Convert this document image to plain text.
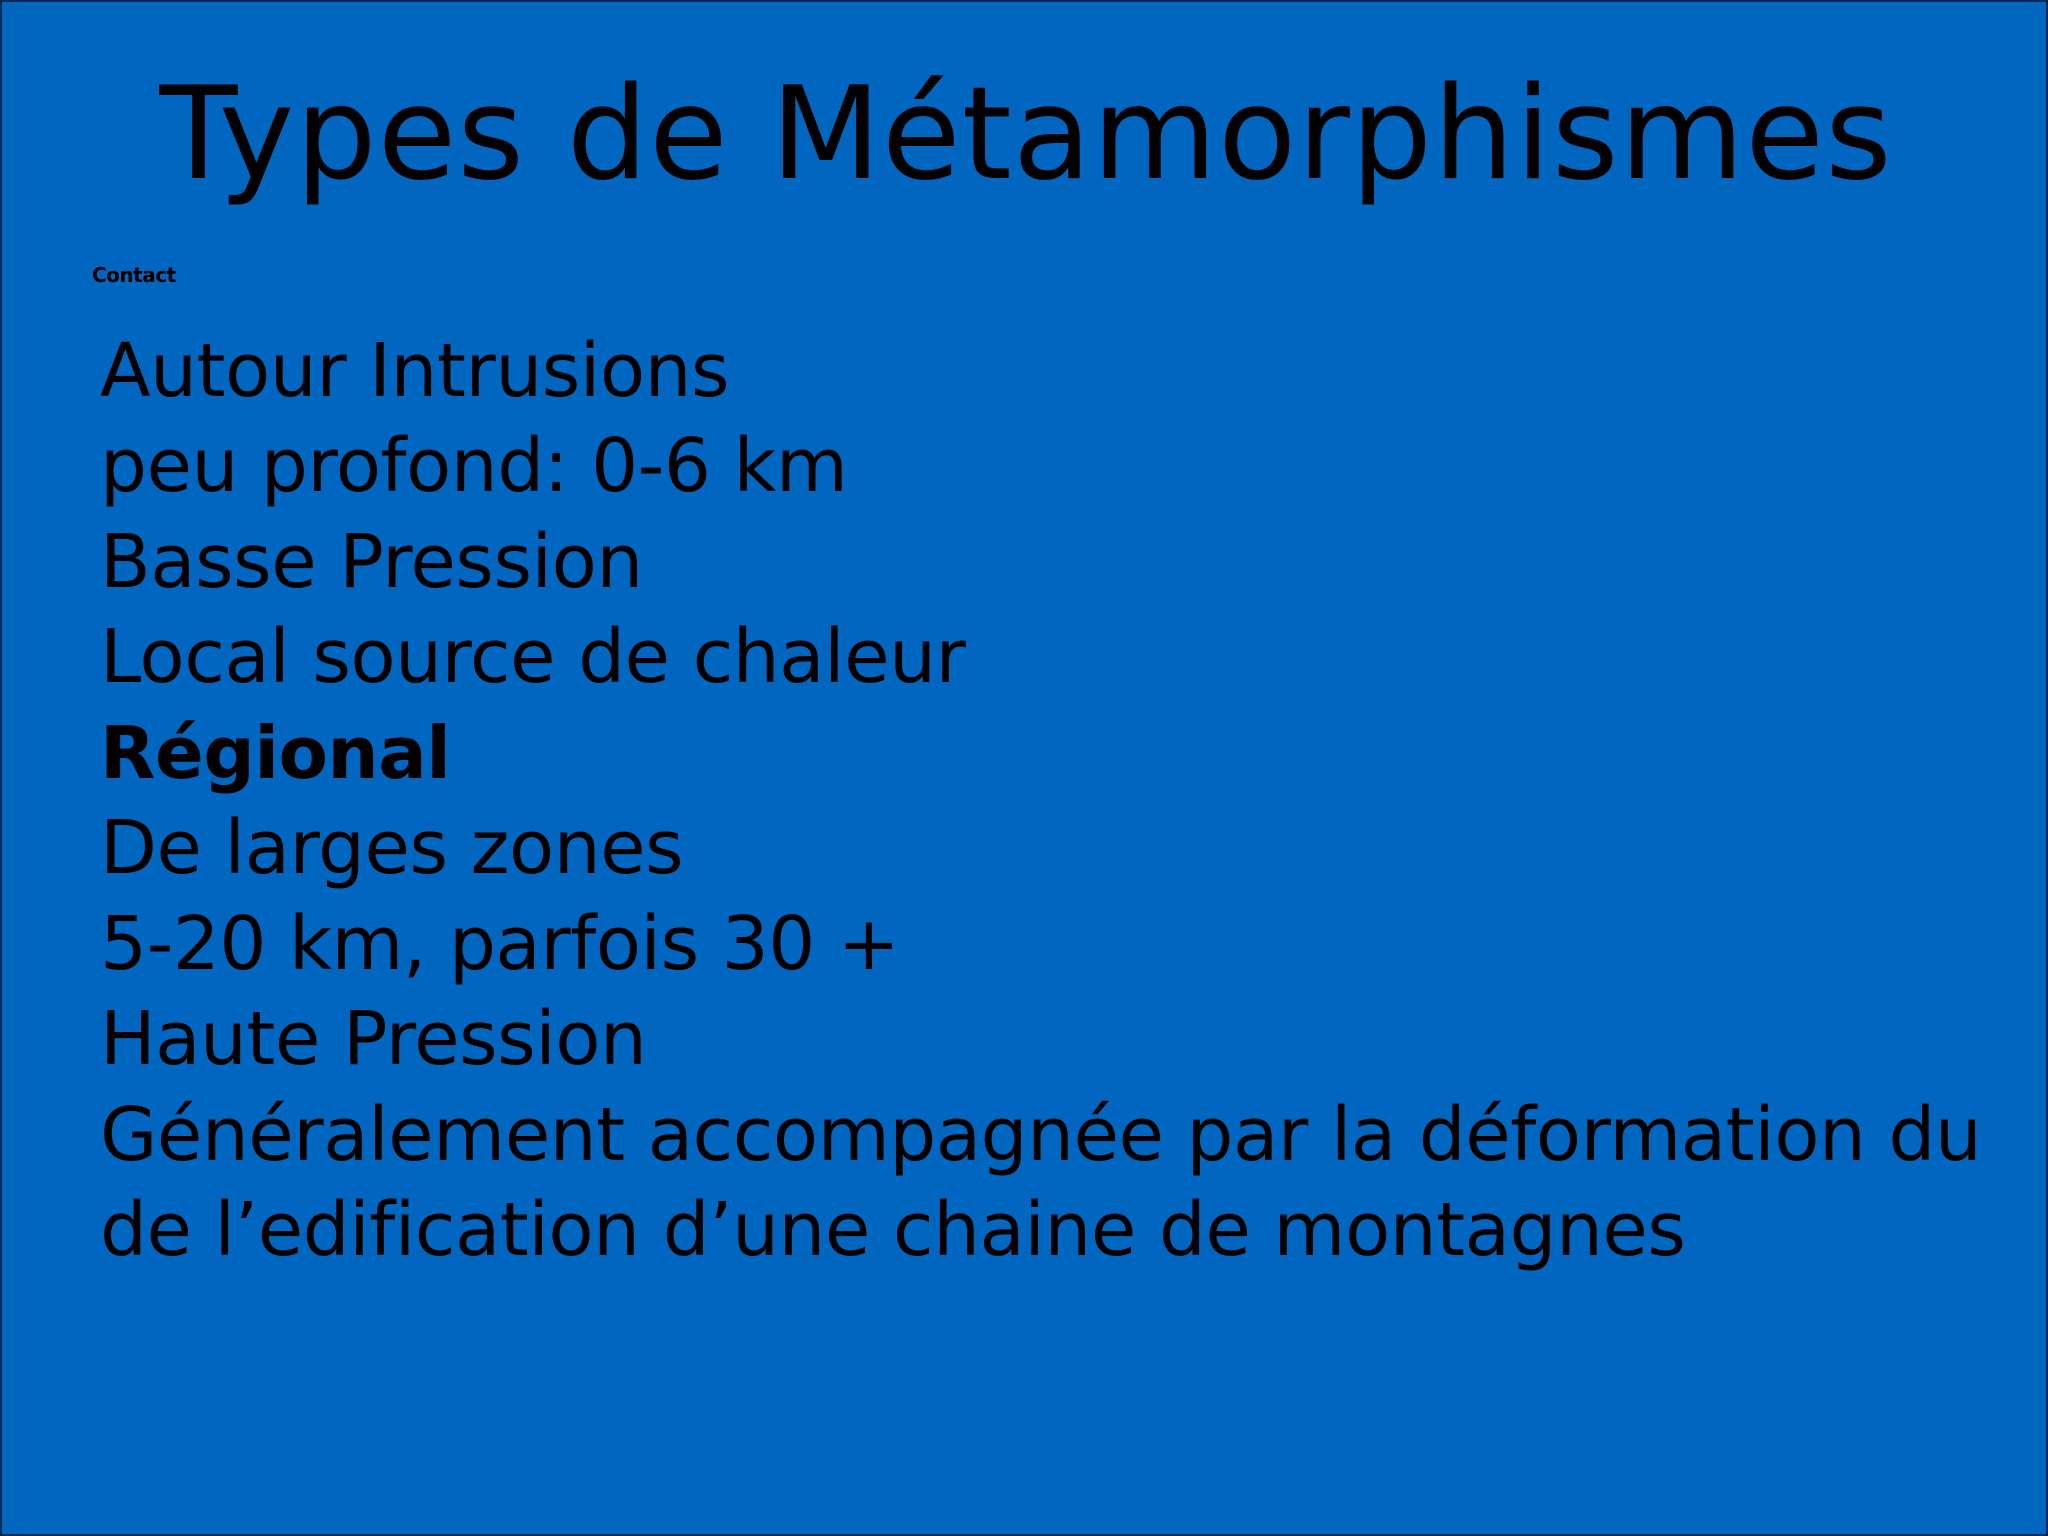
Types de Métamorphismes
Contact
Autour Intrusions
peu profond: 0-6 km
Basse Pression
Local source de chaleur
Régional
De larges zones
5-20 km, parfois 30 +
Haute Pression
Généralement accompagnée par la déformation du
de l’edification d’une chaine de montagnes
